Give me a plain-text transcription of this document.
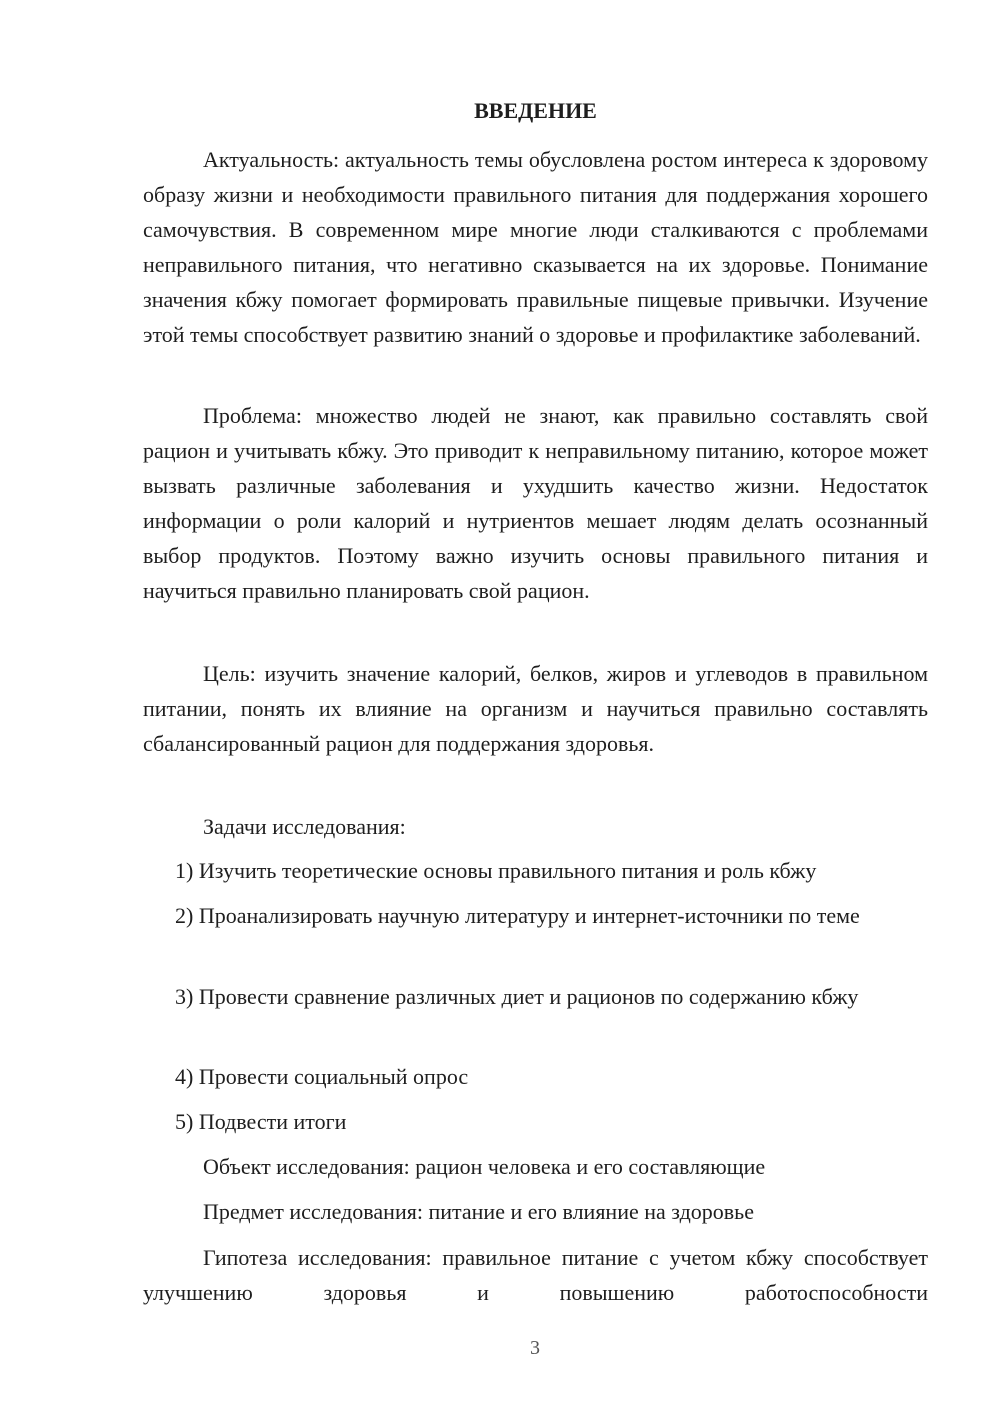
ВВЕДЕНИЕ

Актуальность: актуальность темы обусловлена ростом интереса к здоровому образу жизни и необходимости правильного питания для поддержания хорошего самочувствия. В современном мире многие люди сталкиваются с проблемами неправильного питания, что негативно сказывается на их здоровье. Понимание значения кбжу помогает формировать правильные пищевые привычки. Изучение этой темы способствует развитию знаний о здоровье и профилактике заболеваний.

Проблема: множество людей не знают, как правильно составлять свой рацион и учитывать кбжу. Это приводит к неправильному питанию, которое может вызвать различные заболевания и ухудшить качество жизни. Недостаток информации о роли калорий и нутриентов мешает людям делать осознанный выбор продуктов. Поэтому важно изучить основы правильного питания и научиться правильно планировать свой рацион.

Цель: изучить значение калорий, белков, жиров и углеводов в правильном питании, понять их влияние на организм и научиться правильно составлять сбалансированный рацион для поддержания здоровья.

Задачи исследования:

1) Изучить теоретические основы правильного питания и роль кбжу

2) Проанализировать научную литературу и интернет-источники по теме

3) Провести сравнение различных диет и рационов по содержанию кбжу

4) Провести социальный опрос

5) Подвести итоги

Объект исследования: рацион человека и его составляющие

Предмет исследования: питание и его влияние на здоровье

Гипотеза исследования: правильное питание с учетом кбжу способствует улучшению здоровья и повышению работоспособности

3
